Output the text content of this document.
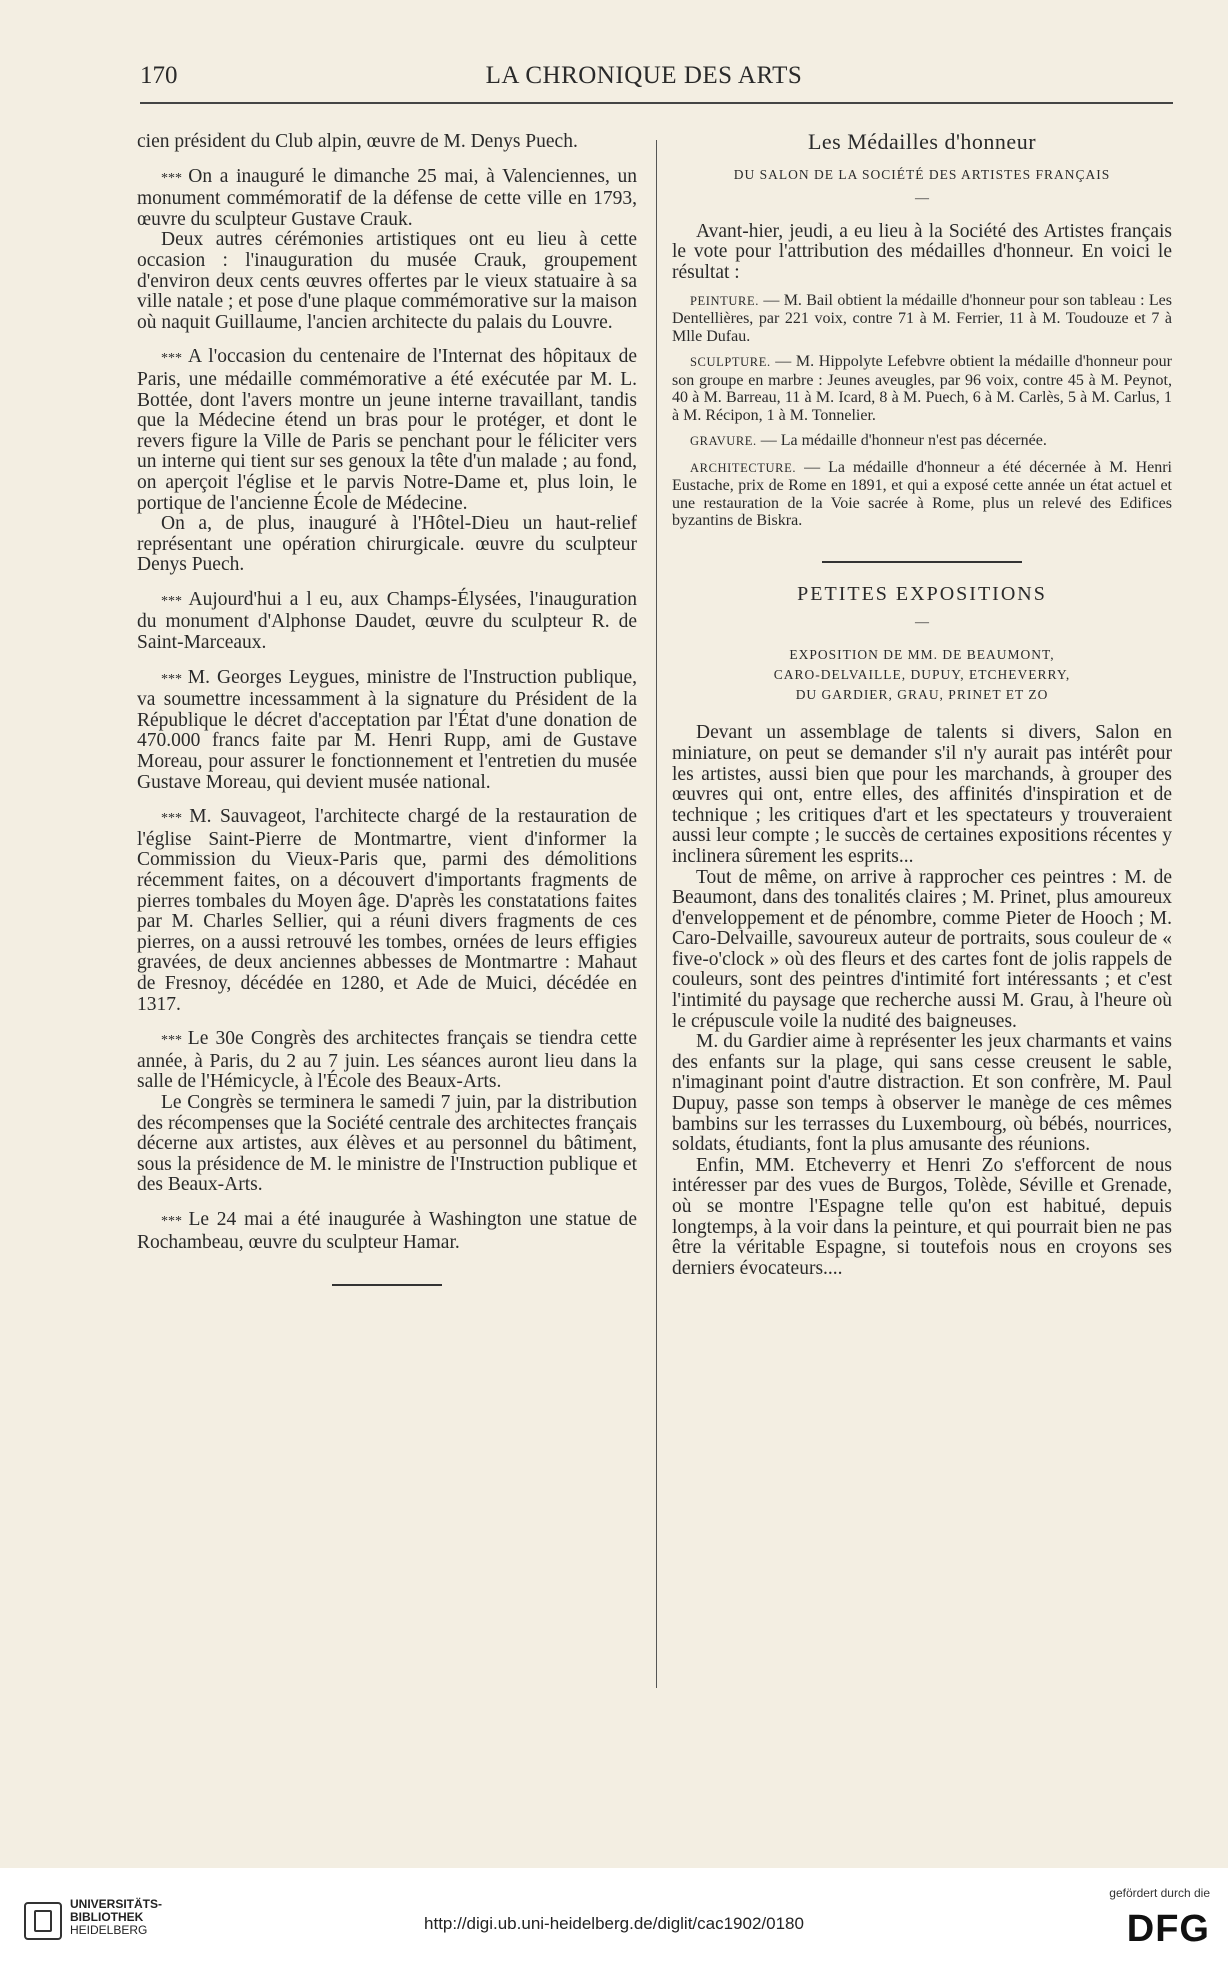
170	LA CHRONIQUE DES ARTS

cien président du Club alpin, œuvre de M. Denys Puech.

*** On a inauguré le dimanche 25 mai, à Valenciennes, un monument commémoratif de la défense de cette ville en 1793, œuvre du sculpteur Gustave Crauk.

Deux autres cérémonies artistiques ont eu lieu à cette occasion : l'inauguration du musée Crauk, groupement d'environ deux cents œuvres offertes par le vieux statuaire à sa ville natale ; et pose d'une plaque commémorative sur la maison où naquit Guillaume, l'ancien architecte du palais du Louvre.

*** A l'occasion du centenaire de l'Internat des hôpitaux de Paris, une médaille commémorative a été exécutée par M. L. Bottée, dont l'avers montre un jeune interne travaillant, tandis que la Médecine étend un bras pour le protéger, et dont le revers figure la Ville de Paris se penchant pour le féliciter vers un interne qui tient sur ses genoux la tête d'un malade ; au fond, on aperçoit l'église et le parvis Notre-Dame et, plus loin, le portique de l'ancienne École de Médecine.

On a, de plus, inauguré à l'Hôtel-Dieu un haut-relief représentant une opération chirurgicale. œuvre du sculpteur Denys Puech.

*** Aujourd'hui a l eu, aux Champs-Élysées, l'inauguration du monument d'Alphonse Daudet, œuvre du sculpteur R. de Saint-Marceaux.

*** M. Georges Leygues, ministre de l'Instruction publique, va soumettre incessamment à la signature du Président de la République le décret d'acceptation par l'État d'une donation de 470.000 francs faite par M. Henri Rupp, ami de Gustave Moreau, pour assurer le fonctionnement et l'entretien du musée Gustave Moreau, qui devient musée national.

*** M. Sauvageot, l'architecte chargé de la restauration de l'église Saint-Pierre de Montmartre, vient d'informer la Commission du Vieux-Paris que, parmi des démolitions récemment faites, on a découvert d'importants fragments de pierres tombales du Moyen âge. D'après les constatations faites par M. Charles Sellier, qui a réuni divers fragments de ces pierres, on a aussi retrouvé les tombes, ornées de leurs effigies gravées, de deux anciennes abbesses de Montmartre : Mahaut de Fresnoy, décédée en 1280, et Ade de Muici, décédée en 1317.

*** Le 30e Congrès des architectes français se tiendra cette année, à Paris, du 2 au 7 juin. Les séances auront lieu dans la salle de l'Hémicycle, à l'École des Beaux-Arts.

Le Congrès se terminera le samedi 7 juin, par la distribution des récompenses que la Société centrale des architectes français décerne aux artistes, aux élèves et au personnel du bâtiment, sous la présidence de M. le ministre de l'Instruction publique et des Beaux-Arts.

*** Le 24 mai a été inaugurée à Washington une statue de Rochambeau, œuvre du sculpteur Hamar.

Les Médailles d'honneur
DU SALON DE LA SOCIÉTÉ DES ARTISTES FRANÇAIS
—

Avant-hier, jeudi, a eu lieu à la Société des Artistes français le vote pour l'attribution des médailles d'honneur. En voici le résultat :

PEINTURE. — M. Bail obtient la médaille d'honneur pour son tableau : Les Dentellières, par 221 voix, contre 71 à M. Ferrier, 11 à M. Toudouze et 7 à Mlle Dufau.

SCULPTURE. — M. Hippolyte Lefebvre obtient la médaille d'honneur pour son groupe en marbre : Jeunes aveugles, par 96 voix, contre 45 à M. Peynot, 40 à M. Barreau, 11 à M. Icard, 8 à M. Puech, 6 à M. Carlès, 5 à M. Carlus, 1 à M. Récipon, 1 à M. Tonnelier.

GRAVURE. — La médaille d'honneur n'est pas décernée.

ARCHITECTURE. — La médaille d'honneur a été décernée à M. Henri Eustache, prix de Rome en 1891, et qui a exposé cette année un état actuel et une restauration de la Voie sacrée à Rome, plus un relevé des Edifices byzantins de Biskra.

PETITES EXPOSITIONS
—
EXPOSITION DE MM. DE BEAUMONT,
CARO-DELVAILLE, DUPUY, ETCHEVERRY,
DU GARDIER, GRAU, PRINET ET ZO

Devant un assemblage de talents si divers, Salon en miniature, on peut se demander s'il n'y aurait pas intérêt pour les artistes, aussi bien que pour les marchands, à grouper des œuvres qui ont, entre elles, des affinités d'inspiration et de technique ; les critiques d'art et les spectateurs y trouveraient aussi leur compte ; le succès de certaines expositions récentes y inclinera sûrement les esprits...

Tout de même, on arrive à rapprocher ces peintres : M. de Beaumont, dans des tonalités claires ; M. Prinet, plus amoureux d'enveloppement et de pénombre, comme Pieter de Hooch ; M. Caro-Delvaille, savoureux auteur de portraits, sous couleur de « five-o'clock » où des fleurs et des cartes font de jolis rappels de couleurs, sont des peintres d'intimité fort intéressants ; et c'est l'intimité du paysage que recherche aussi M. Grau, à l'heure où le crépuscule voile la nudité des baigneuses.

M. du Gardier aime à représenter les jeux charmants et vains des enfants sur la plage, qui sans cesse creusent le sable, n'imaginant point d'autre distraction. Et son confrère, M. Paul Dupuy, passe son temps à observer le manège de ces mêmes bambins sur les terrasses du Luxembourg, où bébés, nourrices, soldats, étudiants, font la plus amusante des réunions.

Enfin, MM. Etcheverry et Henri Zo s'efforcent de nous intéresser par des vues de Burgos, Tolède, Séville et Grenade, où se montre l'Espagne telle qu'on est habitué, depuis longtemps, à la voir dans la peinture, et qui pourrait bien ne pas être la véritable Espagne, si toutefois nous en croyons ses derniers évocateurs....

UNIVERSITÄTS-
BIBLIOTHEK
HEIDELBERG	http://digi.ub.uni-heidelberg.de/diglit/cac1902/0180
gefördert durch die
DFG
